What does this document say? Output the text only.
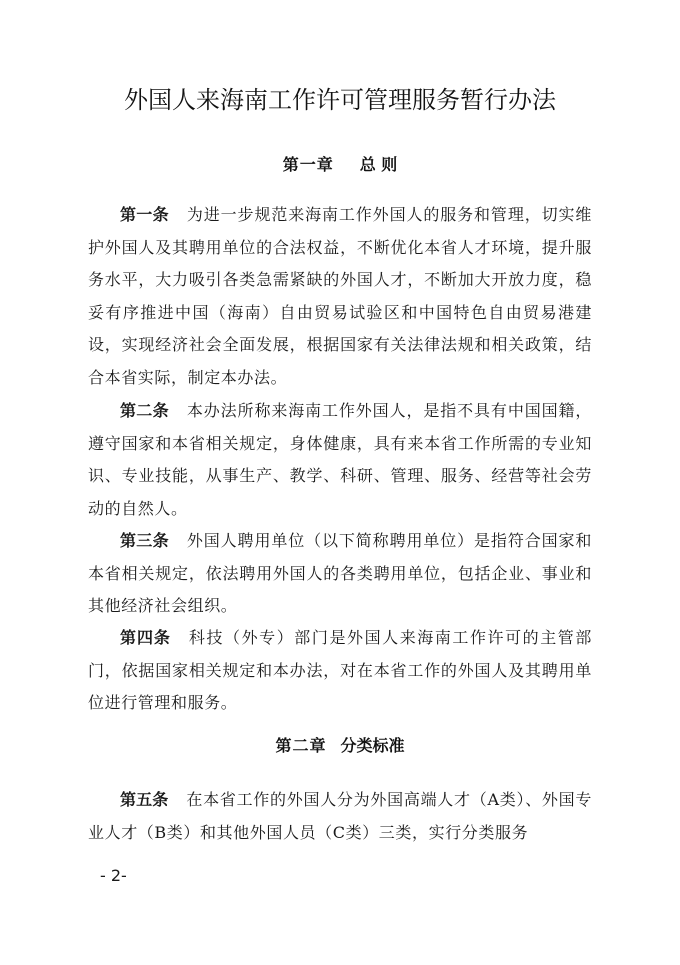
外国人来海南工作许可管理服务暂行办法
第一章 总 则

第一条 为进一步规范来海南工作外国人的服务和管理，切实维护外国人及其聘用单位的合法权益，不断优化本省人才环境，提升服务水平，大力吸引各类急需紧缺的外国人才，不断加大开放力度，稳妥有序推进中国（海南）自由贸易试验区和中国特色自由贸易港建设，实现经济社会全面发展，根据国家有关法律法规和相关政策，结合本省实际，制定本办法。

第二条 本办法所称来海南工作外国人，是指不具有中国国籍，遵守国家和本省相关规定，身体健康，具有来本省工作所需的专业知识、专业技能，从事生产、教学、科研、管理、服务、经营等社会劳动的自然人。

第三条 外国人聘用单位（以下简称聘用单位）是指符合国家和本省相关规定，依法聘用外国人的各类聘用单位，包括企业、事业和其他经济社会组织。

第四条 科技（外专）部门是外国人来海南工作许可的主管部门，依据国家相关规定和本办法，对在本省工作的外国人及其聘用单位进行管理和服务。

第二章 分类标准

第五条 在本省工作的外国人分为外国高端人才（A类）、外国专业人才（B类）和其他外国人员（C类）三类，实行分类服务

- 2-
